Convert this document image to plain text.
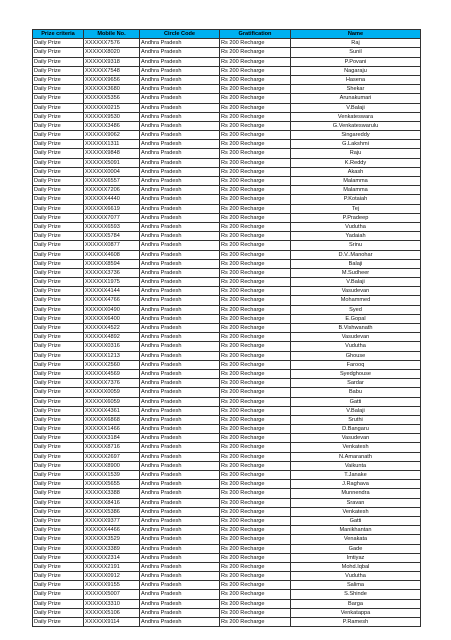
Prize criteria	Mobile No.	Circle Code	Gratification	Name
Daily Prize	XXXXXX7576	Andhra Pradesh	Rs 200 Recharge	Raj
Daily Prize	XXXXXX8020	Andhra Pradesh	Rs 200 Recharge	Sunil
Daily Prize	XXXXXX9318	Andhra Pradesh	Rs 200 Recharge	P.Povani
Daily Prize	XXXXXX7548	Andhra Pradesh	Rs 200 Recharge	Nagaraju
Daily Prize	XXXXXX9656	Andhra Pradesh	Rs 200 Recharge	Hasena
Daily Prize	XXXXXX3680	Andhra Pradesh	Rs 200 Recharge	Shekar
Daily Prize	XXXXXX5356	Andhra Pradesh	Rs 200 Recharge	Arunakumari
Daily Prize	XXXXXX0215	Andhra Pradesh	Rs 200 Recharge	V.Balaji
Daily Prize	XXXXXX9530	Andhra Pradesh	Rs 200 Recharge	Venkateswara
Daily Prize	XXXXXX3486	Andhra Pradesh	Rs 200 Recharge	G.Venkateswarulu
Daily Prize	XXXXXX9062	Andhra Pradesh	Rs 200 Recharge	Singareddy
Daily Prize	XXXXXX1311	Andhra Pradesh	Rs 200 Recharge	G.Lakshmi
Daily Prize	XXXXXX9848	Andhra Pradesh	Rs 200 Recharge	Raju
Daily Prize	XXXXXX5091	Andhra Pradesh	Rs 200 Recharge	K.Reddy
Daily Prize	XXXXXX0004	Andhra Pradesh	Rs 200 Recharge	Akash
Daily Prize	XXXXXX6557	Andhra Pradesh	Rs 200 Recharge	Malamma
Daily Prize	XXXXXX7206	Andhra Pradesh	Rs 200 Recharge	Malamma
Daily Prize	XXXXXX4440	Andhra Pradesh	Rs 200 Recharge	P.Kotaiah
Daily Prize	XXXXXX6619	Andhra Pradesh	Rs 200 Recharge	Tej
Daily Prize	XXXXXX7077	Andhra Pradesh	Rs 200 Recharge	P.Pradeep
Daily Prize	XXXXXX6593	Andhra Pradesh	Rs 200 Recharge	Vudutha
Daily Prize	XXXXXX5784	Andhra Pradesh	Rs 200 Recharge	Yadaiah
Daily Prize	XXXXXX0877	Andhra Pradesh	Rs 200 Recharge	Srinu
Daily Prize	XXXXXX4608	Andhra Pradesh	Rs 200 Recharge	D.V..Manohar
Daily Prize	XXXXXX8594	Andhra Pradesh	Rs 200 Recharge	Balaji
Daily Prize	XXXXXX3736	Andhra Pradesh	Rs 200 Recharge	M.Sudheer
Daily Prize	XXXXXX1975	Andhra Pradesh	Rs 200 Recharge	V.Balaji
Daily Prize	XXXXXX4144	Andhra Pradesh	Rs 200 Recharge	Vasudevan
Daily Prize	XXXXXX4766	Andhra Pradesh	Rs 200 Recharge	Mohammed
Daily Prize	XXXXXX0490	Andhra Pradesh	Rs 200 Recharge	Syed
Daily Prize	XXXXXX6400	Andhra Pradesh	Rs 200 Recharge	E.Gopal
Daily Prize	XXXXXX4522	Andhra Pradesh	Rs 200 Recharge	B.Vishwanath
Daily Prize	XXXXXX4892	Andhra Pradesh	Rs 200 Recharge	Vasudevan
Daily Prize	XXXXXX0316	Andhra Pradesh	Rs 200 Recharge	Vudutha
Daily Prize	XXXXXX1213	Andhra Pradesh	Rs 200 Recharge	Ghouse
Daily Prize	XXXXXX2560	Andhra Pradesh	Rs 200 Recharge	Farooq
Daily Prize	XXXXXX4569	Andhra Pradesh	Rs 200 Recharge	Syedghouse
Daily Prize	XXXXXX7376	Andhra Pradesh	Rs 200 Recharge	Sardar
Daily Prize	XXXXXX0059	Andhra Pradesh	Rs 200 Recharge	Babu
Daily Prize	XXXXXX6059	Andhra Pradesh	Rs 200 Recharge	Gatti
Daily Prize	XXXXXX4361	Andhra Pradesh	Rs 200 Recharge	V.Balaji
Daily Prize	XXXXXX6868	Andhra Pradesh	Rs 200 Recharge	Sruthi
Daily Prize	XXXXXX1466	Andhra Pradesh	Rs 200 Recharge	D.Bangaru
Daily Prize	XXXXXX3184	Andhra Pradesh	Rs 200 Recharge	Vasudevan
Daily Prize	XXXXXX8716	Andhra Pradesh	Rs 200 Recharge	Venkatesh
Daily Prize	XXXXXX2697	Andhra Pradesh	Rs 200 Recharge	N.Amaranath
Daily Prize	XXXXXX8900	Andhra Pradesh	Rs 200 Recharge	Vaikunta
Daily Prize	XXXXXX1539	Andhra Pradesh	Rs 200 Recharge	T.Janake
Daily Prize	XXXXXX5655	Andhra Pradesh	Rs 200 Recharge	J.Raghava
Daily Prize	XXXXXX3388	Andhra Pradesh	Rs 200 Recharge	Munnendra
Daily Prize	XXXXXX8416	Andhra Pradesh	Rs 200 Recharge	Sravan
Daily Prize	XXXXXX5386	Andhra Pradesh	Rs 200 Recharge	Venkatesh
Daily Prize	XXXXXX9377	Andhra Pradesh	Rs 200 Recharge	Gatti
Daily Prize	XXXXXX4466	Andhra Pradesh	Rs 200 Recharge	Manikhantan
Daily Prize	XXXXXX3529	Andhra Pradesh	Rs 200 Recharge	Venakata
Daily Prize	XXXXXX3389	Andhra Pradesh	Rs 200 Recharge	Gade
Daily Prize	XXXXXX2314	Andhra Pradesh	Rs 200 Recharge	Imtiyaz
Daily Prize	XXXXXX2191	Andhra Pradesh	Rs 200 Recharge	Mohd.Iqbal
Daily Prize	XXXXXX0912	Andhra Pradesh	Rs 200 Recharge	Vudutha
Daily Prize	XXXXXX9155	Andhra Pradesh	Rs 200 Recharge	Salima
Daily Prize	XXXXXX5007	Andhra Pradesh	Rs 200 Recharge	S.Shinde
Daily Prize	XXXXXX3310	Andhra Pradesh	Rs 200 Recharge	Barga
Daily Prize	XXXXXX5106	Andhra Pradesh	Rs 200 Recharge	Venkatappa
Daily Prize	XXXXXX9114	Andhra Pradesh	Rs 200 Recharge	P.Ramesh
